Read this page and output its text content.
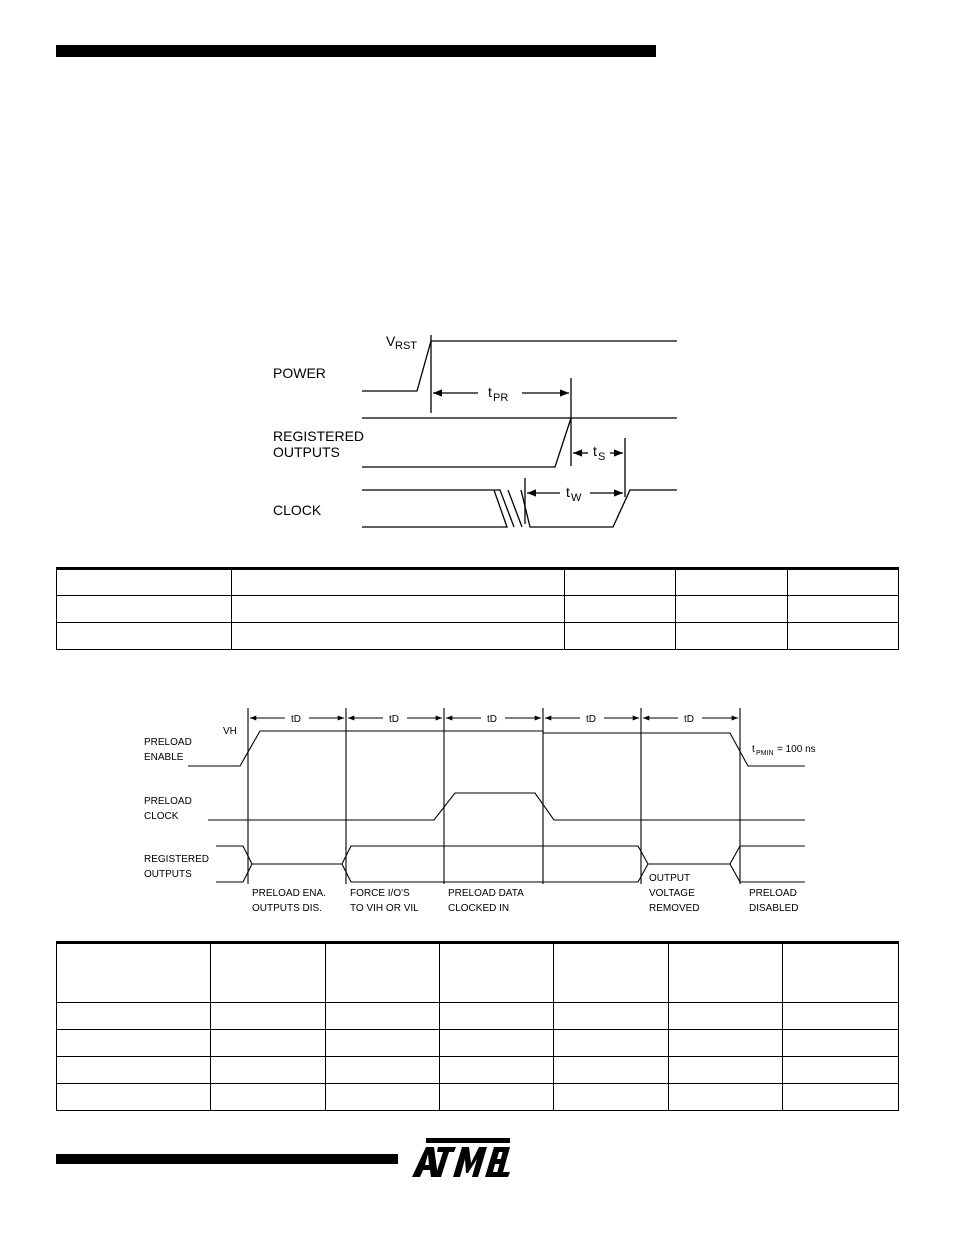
POWER
REGISTERED
OUTPUTS
CLOCK
V RST
t PR
t S
t W
VH
PRELOAD
ENABLE
PRELOAD
CLOCK
REGISTERED
OUTPUTS
tD	tD	tD	tD	tD
t PMIN = 100 ns
PRELOAD ENA.
OUTPUTS DIS.
FORCE I/O'S
TO VIH OR VIL
PRELOAD DATA
CLOCKED IN
OUTPUT
VOLTAGE
REMOVED
PRELOAD
DISABLED
